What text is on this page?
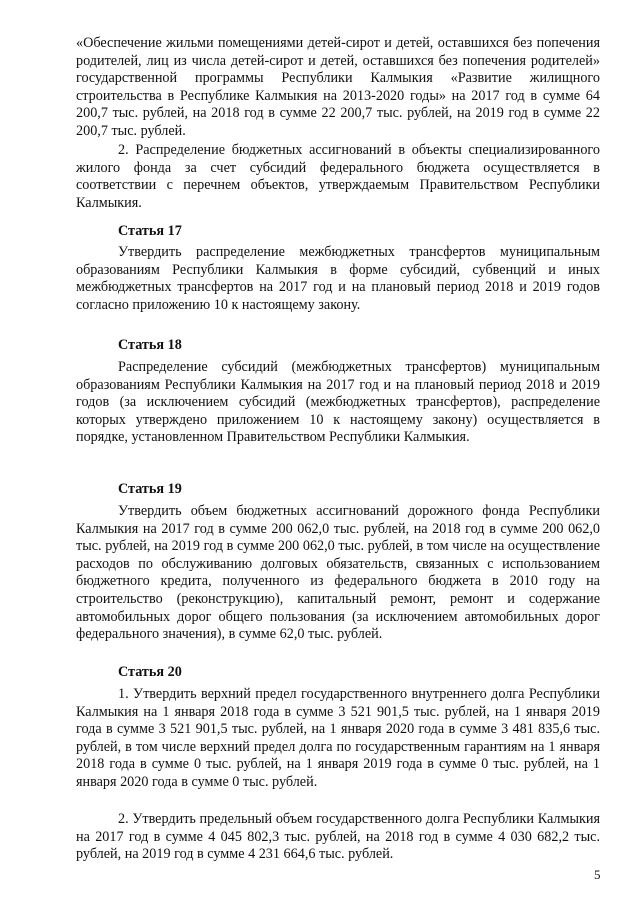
«Обеспечение жильми помещениями детей-сирот и детей, оставшихся без попечения родителей, лиц из числа детей-сирот и детей, оставшихся без попечения родителей» государственной программы Республики Калмыкия «Развитие жилищного строительства в Республике Калмыкия на 2013-2020 годы» на 2017 год в сумме 64 200,7 тыс. рублей, на 2018 год в сумме 22 200,7 тыс. рублей, на 2019 год в сумме 22 200,7 тыс. рублей.

2. Распределение бюджетных ассигнований в объекты специализированного жилого фонда за счет субсидий федерального бюджета осуществляется в соответствии с перечнем объектов, утверждаемым Правительством Республики Калмыкия.

Статья 17

Утвердить распределение межбюджетных трансфертов муниципальным образованиям Республики Калмыкия в форме субсидий, субвенций и иных межбюджетных трансфертов на 2017 год и на плановый период 2018 и 2019 годов согласно приложению 10 к настоящему закону.

Статья 18

Распределение субсидий (межбюджетных трансфертов) муниципальным образованиям Республики Калмыкия на 2017 год и на плановый период 2018 и 2019 годов (за исключением субсидий (межбюджетных трансфертов), распределение которых утверждено приложением 10 к настоящему закону) осуществляется в порядке, установленном Правительством Республики Калмыкия.

Статья 19

Утвердить объем бюджетных ассигнований дорожного фонда Республики Калмыкия на 2017 год в сумме 200 062,0 тыс. рублей, на 2018 год в сумме 200 062,0 тыс. рублей, на 2019 год в сумме 200 062,0 тыс. рублей, в том числе на осуществление расходов по обслуживанию долговых обязательств, связанных с использованием бюджетного кредита, полученного из федерального бюджета в 2010 году на строительство (реконструкцию), капитальный ремонт, ремонт и содержание автомобильных дорог общего пользования (за исключением автомобильных дорог федерального значения), в сумме 62,0 тыс. рублей.

Статья 20

1. Утвердить верхний предел государственного внутреннего долга Республики Калмыкия на 1 января 2018 года в сумме 3 521 901,5 тыс. рублей, на 1 января 2019 года в сумме 3 521 901,5 тыс. рублей, на 1 января 2020 года в сумме 3 481 835,6 тыс. рублей, в том числе верхний предел долга по государственным гарантиям на 1 января 2018 года в сумме 0 тыс. рублей, на 1 января 2019 года в сумме 0 тыс. рублей, на 1 января 2020 года в сумме 0 тыс. рублей.

2. Утвердить предельный объем государственного долга Республики Калмыкия на 2017 год в сумме 4 045 802,3 тыс. рублей, на 2018 год в сумме 4 030 682,2 тыс. рублей, на 2019 год в сумме 4 231 664,6 тыс. рублей.

5
